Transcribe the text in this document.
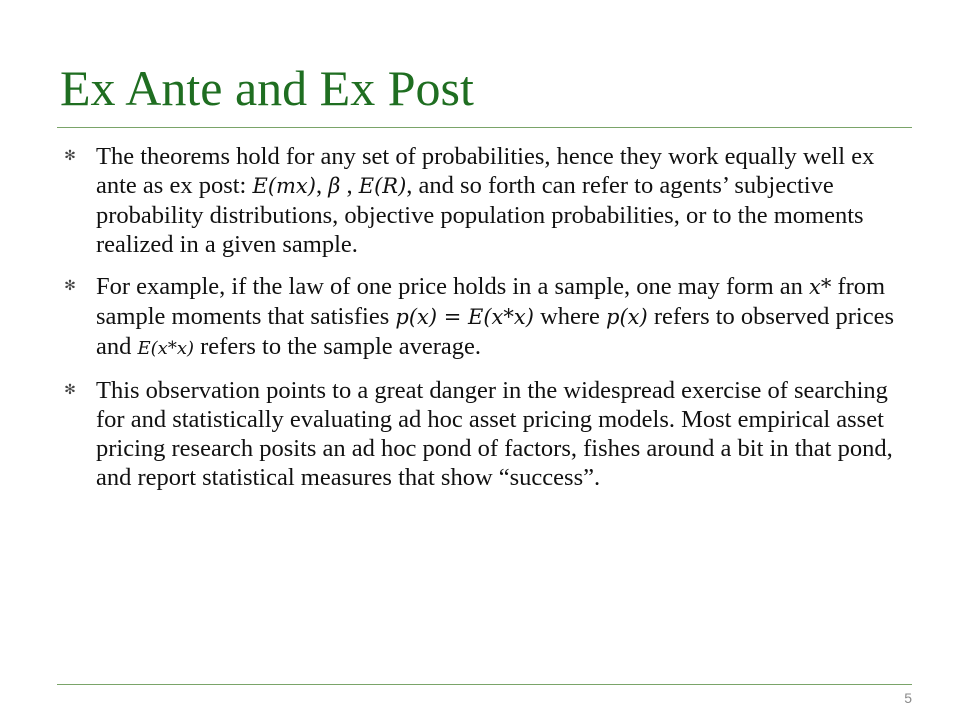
Ex Ante and Ex Post
✻ The theorems hold for any set of probabilities, hence they work equally well ex ante as ex post: E(mx), β , E(R), and so forth can refer to agents’ subjective probability distributions, objective population probabilities, or to the moments realized in a given sample.
✻ For example, if the law of one price holds in a sample, one may form an x* from sample moments that satisfies p(x) = E(x*x) where p(x) refers to observed prices and E(x*x) refers to the sample average.
✻ This observation points to a great danger in the widespread exercise of searching for and statistically evaluating ad hoc asset pricing models. Most empirical asset pricing research posits an ad hoc pond of factors, fishes around a bit in that pond, and report statistical measures that show “success”.
5
